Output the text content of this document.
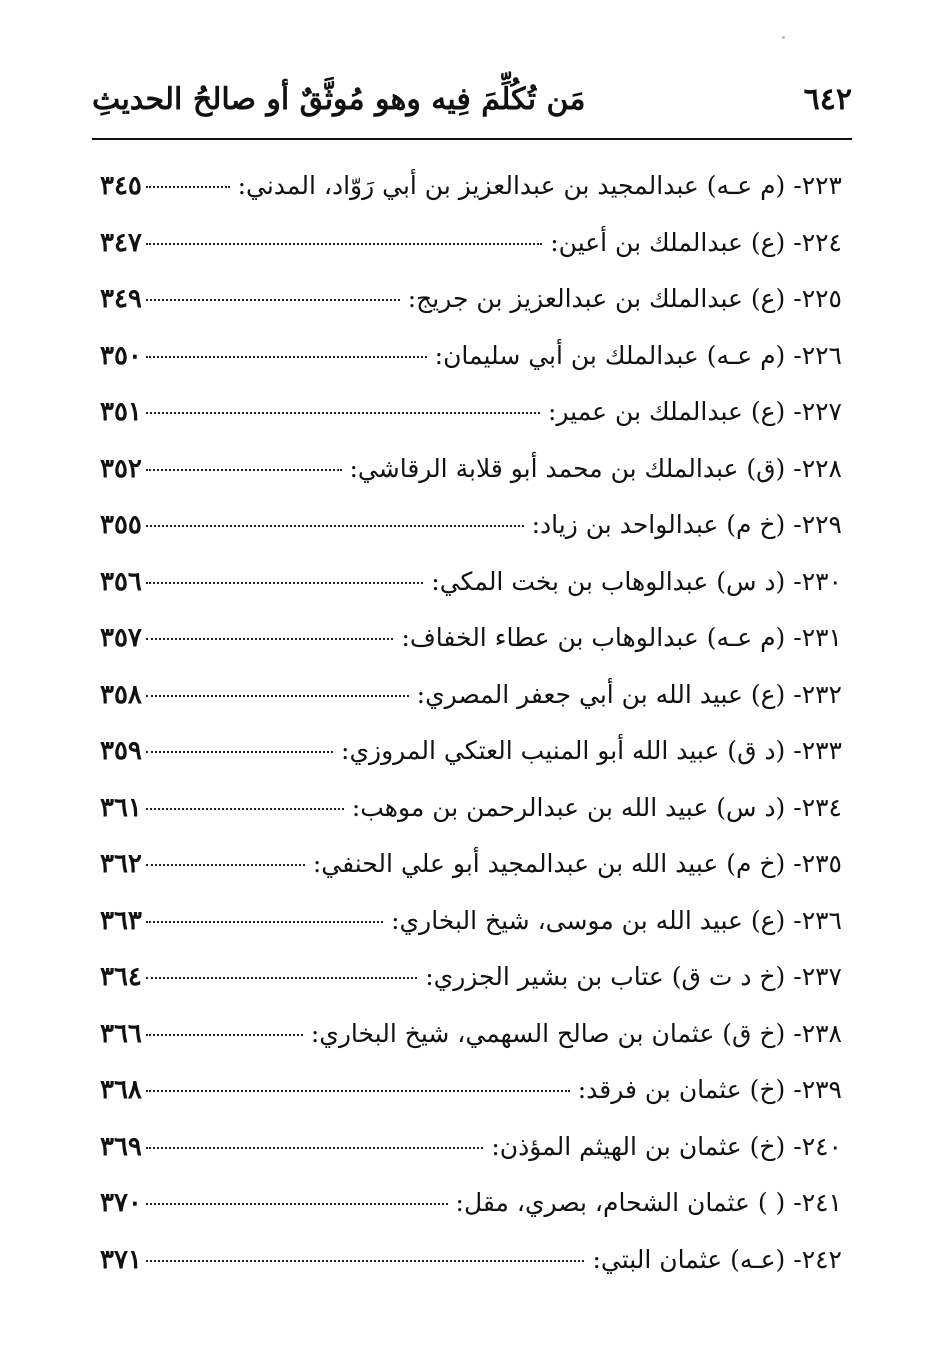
٦٤٢
مَن تُكُلِّمَ فِيه وهو مُوثَّقٌ أو صالحُ الحديثِ
٢٢٣- (م عـه) عبدالمجيد بن عبدالعزيز بن أبي رَوّاد، المدني:
٣٤٥
٢٢٤- (ع) عبدالملك بن أعين:
٣٤٧
٢٢٥- (ع) عبدالملك بن عبدالعزيز بن جريج:
٣٤٩
٢٢٦- (م عـه) عبدالملك بن أبي سليمان:
٣٥٠
٢٢٧- (ع) عبدالملك بن عمير:
٣٥١
٢٢٨- (ق) عبدالملك بن محمد أبو قلابة الرقاشي:
٣٥٢
٢٢٩- (خ م) عبدالواحد بن زياد:
٣٥٥
٢٣٠- (د س) عبدالوهاب بن بخت المكي:
٣٥٦
٢٣١- (م عـه) عبدالوهاب بن عطاء الخفاف:
٣٥٧
٢٣٢- (ع) عبيد الله بن أبي جعفر المصري:
٣٥٨
٢٣٣- (د ق) عبيد الله أبو المنيب العتكي المروزي:
٣٥٩
٢٣٤- (د س) عبيد الله بن عبدالرحمن بن موهب:
٣٦١
٢٣٥- (خ م) عبيد الله بن عبدالمجيد أبو علي الحنفي:
٣٦٢
٢٣٦- (ع) عبيد الله بن موسى، شيخ البخاري:
٣٦٣
٢٣٧- (خ د ت ق) عتاب بن بشير الجزري:
٣٦٤
٢٣٨- (خ ق) عثمان بن صالح السهمي، شيخ البخاري:
٣٦٦
٢٣٩- (خ) عثمان بن فرقد:
٣٦٨
٢٤٠- (خ) عثمان بن الهيثم المؤذن:
٣٦٩
٢٤١- ( ) عثمان الشحام، بصري، مقل:
٣٧٠
٢٤٢- (عـه) عثمان البتي:
٣٧١
